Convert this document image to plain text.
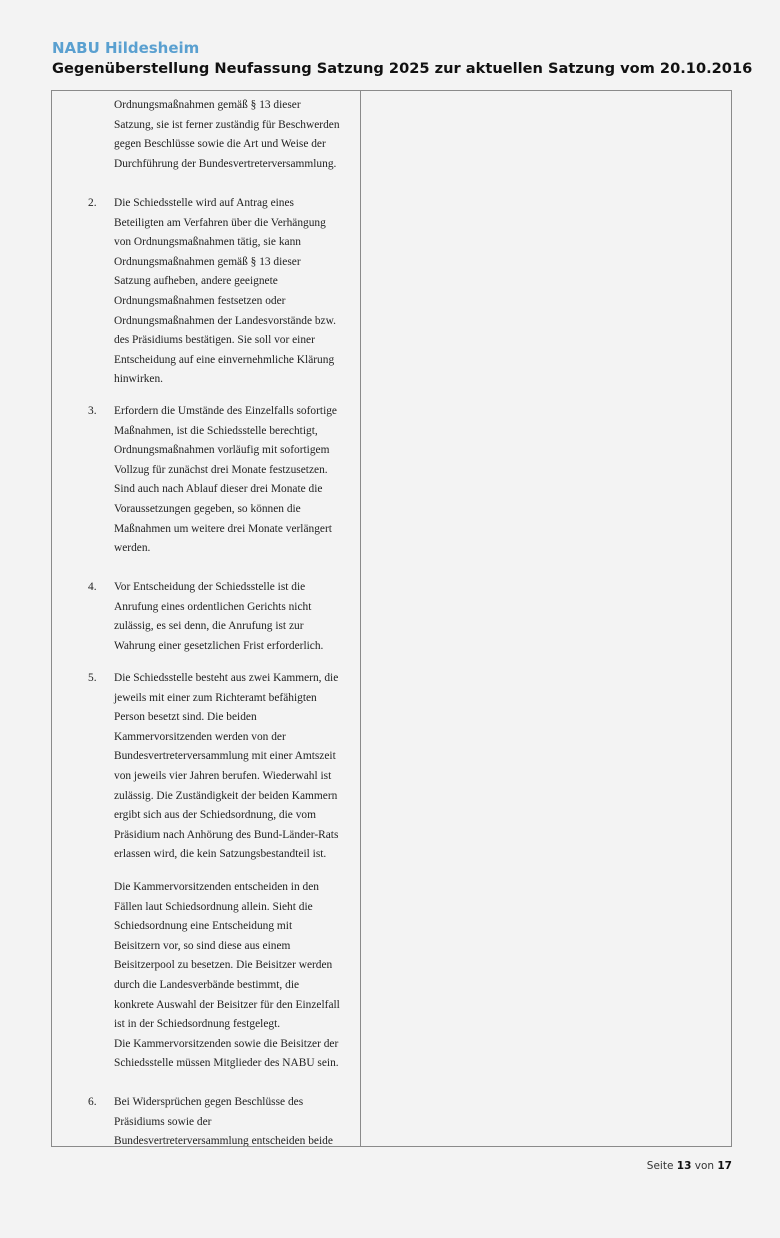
NABU Hildesheim
Gegenüberstellung Neufassung Satzung 2025 zur aktuellen Satzung vom 20.10.2016
Ordnungsmaßnahmen gemäß § 13 dieser
Satzung, sie ist ferner zuständig für Beschwerden
gegen Beschlüsse sowie die Art und Weise der
Durchführung der Bundesvertreterversammlung.
2. Die Schiedsstelle wird auf Antrag eines
Beteiligten am Verfahren über die Verhängung
von Ordnungsmaßnahmen tätig, sie kann
Ordnungsmaßnahmen gemäß § 13 dieser
Satzung aufheben, andere geeignete
Ordnungsmaßnahmen festsetzen oder
Ordnungsmaßnahmen der Landesvorstände bzw.
des Präsidiums bestätigen. Sie soll vor einer
Entscheidung auf eine einvernehmliche Klärung
hinwirken.
3. Erfordern die Umstände des Einzelfalls sofortige
Maßnahmen, ist die Schiedsstelle berechtigt,
Ordnungsmaßnahmen vorläufig mit sofortigem
Vollzug für zunächst drei Monate festzusetzen.
Sind auch nach Ablauf dieser drei Monate die
Voraussetzungen gegeben, so können die
Maßnahmen um weitere drei Monate verlängert
werden.
4. Vor Entscheidung der Schiedsstelle ist die
Anrufung eines ordentlichen Gerichts nicht
zulässig, es sei denn, die Anrufung ist zur
Wahrung einer gesetzlichen Frist erforderlich.
5. Die Schiedsstelle besteht aus zwei Kammern, die
jeweils mit einer zum Richteramt befähigten
Person besetzt sind. Die beiden
Kammervorsitzenden werden von der
Bundesvertreterversammlung mit einer Amtszeit
von jeweils vier Jahren berufen. Wiederwahl ist
zulässig. Die Zuständigkeit der beiden Kammern
ergibt sich aus der Schiedsordnung, die vom
Präsidium nach Anhörung des Bund-Länder-Rats
erlassen wird, die kein Satzungsbestandteil ist.
Die Kammervorsitzenden entscheiden in den
Fällen laut Schiedsordnung allein. Sieht die
Schiedsordnung eine Entscheidung mit
Beisitzern vor, so sind diese aus einem
Beisitzerpool zu besetzen. Die Beisitzer werden
durch die Landesverbände bestimmt, die
konkrete Auswahl der Beisitzer für den Einzelfall
ist in der Schiedsordnung festgelegt.
Die Kammervorsitzenden sowie die Beisitzer der
Schiedsstelle müssen Mitglieder des NABU sein.
6. Bei Widersprüchen gegen Beschlüsse des
Präsidiums sowie der
Bundesvertreterversammlung entscheiden beide
Seite 13 von 17
